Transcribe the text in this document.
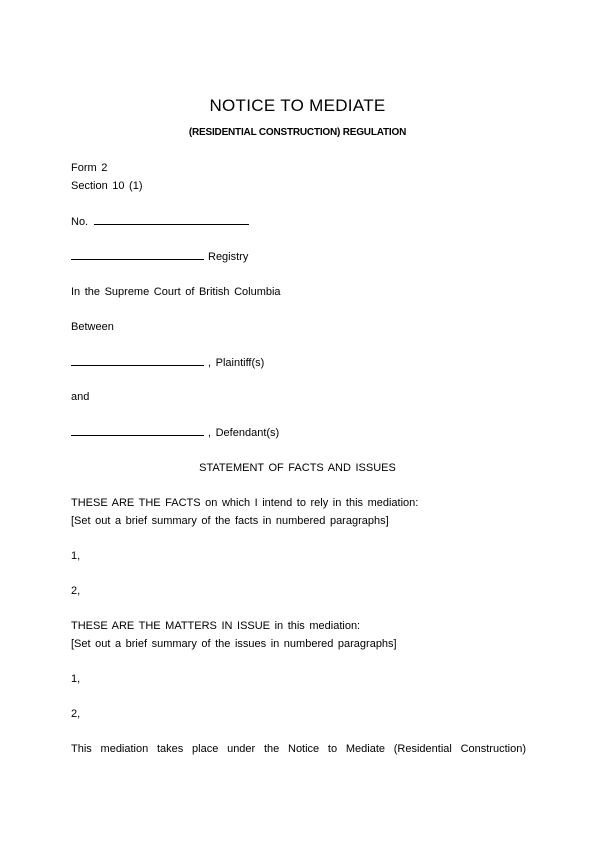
NOTICE TO MEDIATE
(RESIDENTIAL CONSTRUCTION) REGULATION
Form 2
Section 10 (1)
No.
Registry
In the Supreme Court of British Columbia
Between
, Plaintiff(s)
and
, Defendant(s)
STATEMENT OF FACTS AND ISSUES
THESE ARE THE FACTS on which I intend to rely in this mediation:
[Set out a brief summary of the facts in numbered paragraphs]
1,
2,
THESE ARE THE MATTERS IN ISSUE in this mediation:
[Set out a brief summary of the issues in numbered paragraphs]
1,
2,
This mediation takes place under the Notice to Mediate (Residential Construction)
